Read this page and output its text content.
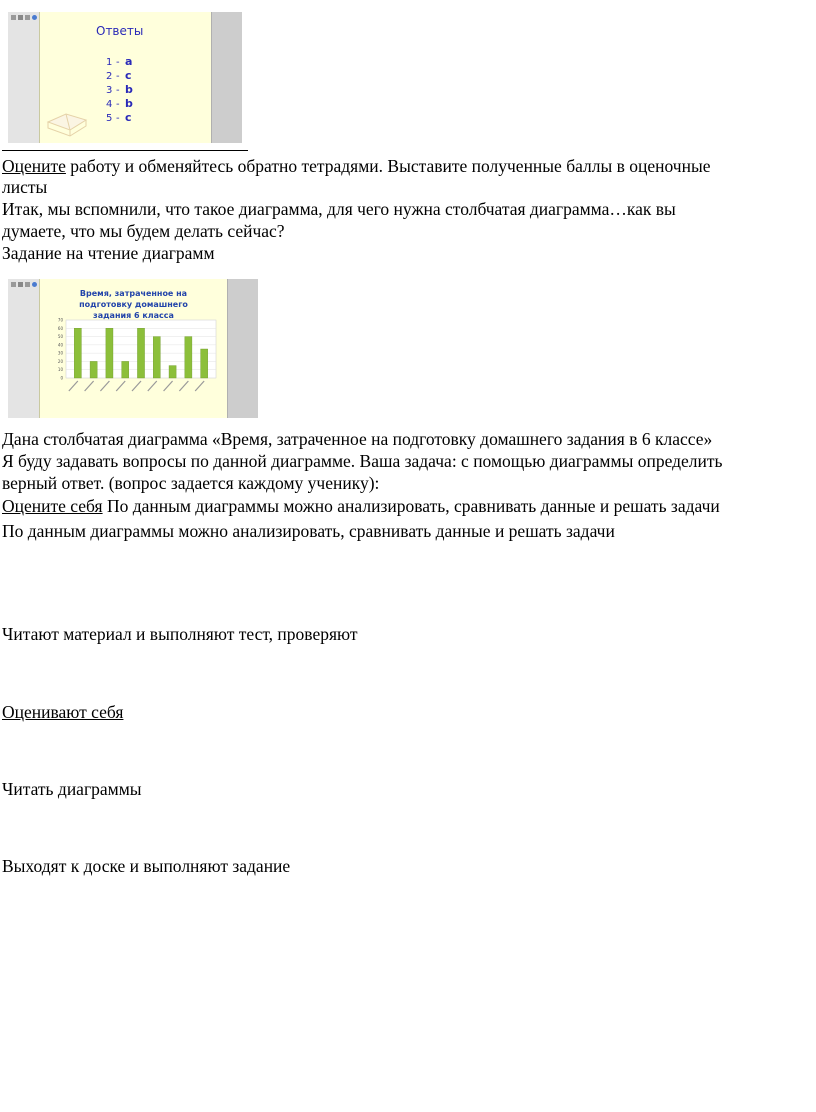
Ответы
1 - a
2 - c
3 - b
4 - b
5 - c
Оцените работу и обменяйтесь обратно тетрадями. Выставите полученные баллы в оценочные
листы
Итак, мы вспомнили, что такое диаграмма, для чего нужна столбчатая диаграмма…как вы
думаете, что мы будем делать сейчас?
Задание на чтение диаграмм
Время, затраченное на подготовку домашнего задания 6 класса
0
10
20
30
40
50
60
70
Дана столбчатая диаграмма «Время, затраченное на подготовку домашнего задания в 6 классе»
Я буду задавать вопросы по данной диаграмме. Ваша задача: с помощью диаграммы определить
верный ответ. (вопрос задается каждому ученику):
Оцените себя По данным диаграммы можно анализировать, сравнивать данные и решать задачи
По данным диаграммы можно анализировать, сравнивать данные и решать задачи
Читают материал и выполняют тест, проверяют
Оценивают себя
Читать диаграммы
Выходят к доске и выполняют задание
